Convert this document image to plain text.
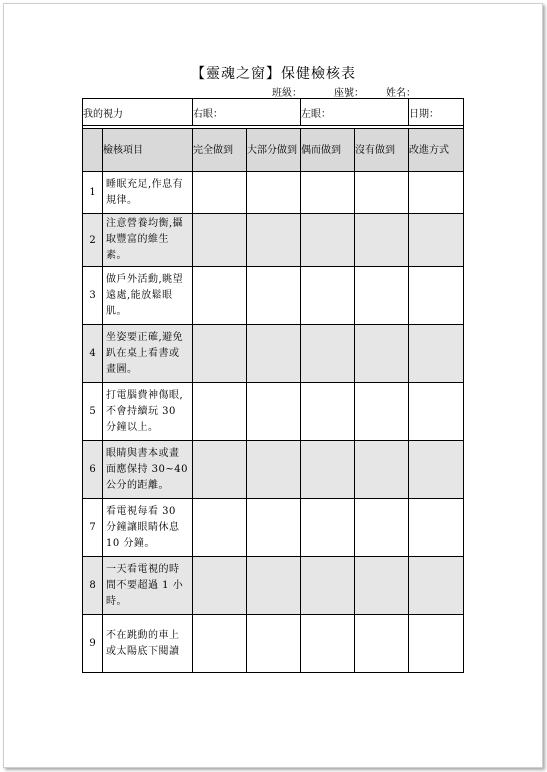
【靈魂之窗】保健檢核表
班級：	座號： 姓名：
我的視力		右眼：		左眼：		日期：

	檢核項目	完全做到	大部分做到	偶而做到	沒有做到	改進方式
1	睡眠充足,作息有規律。					
2	注意營養均衡,攝取豐富的維生素。					
3	做戶外活動,眺望遠處,能放鬆眼肌。					
4	坐姿要正確,避免趴在桌上看書或畫圖。					
5	打電腦費神傷眼,不會持續玩 30 分鐘以上。					
6	眼睛與書本或畫面應保持 30~40 公分的距離。					
7	看電視每看 30 分鐘讓眼睛休息 10 分鐘。					
8	一天看電視的時間不要超過 1 小時。					
9	不在跳動的車上或太陽底下閱讀					
